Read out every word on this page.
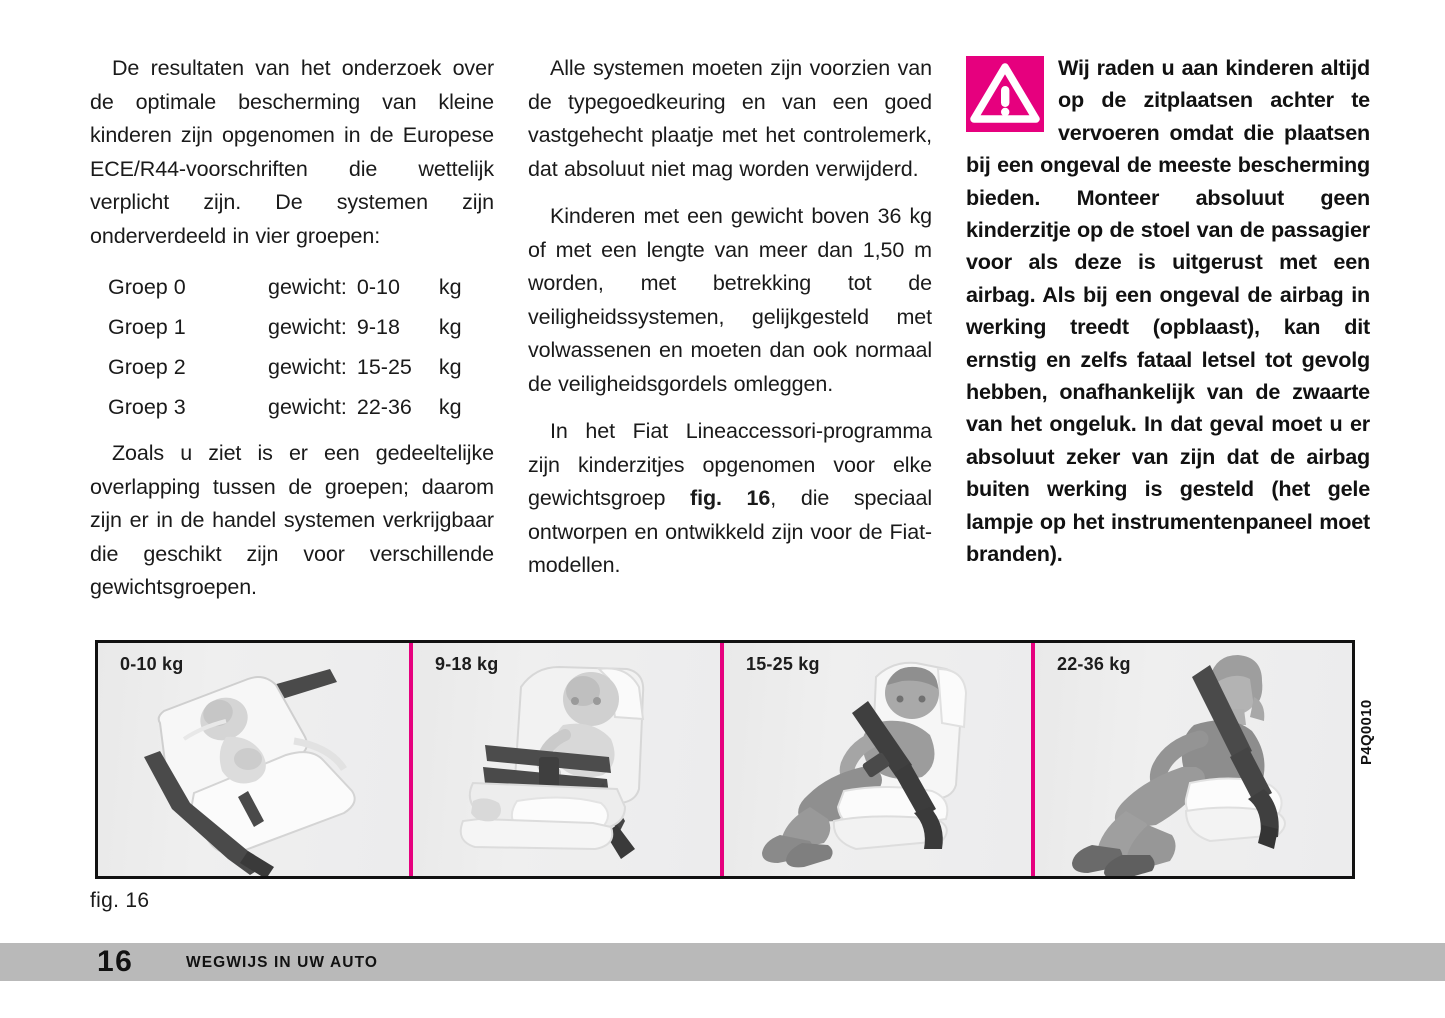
De resultaten van het onderzoek over de optimale bescherming van kleine kinderen zijn opgenomen in de Europese ECE/R44-voorschriften die wettelijk verplicht zijn. De systemen zijn onderverdeeld in vier groepen:

Groep 0	gewicht: 0-10	kg
Groep 1	gewicht: 9-18	kg
Groep 2	gewicht: 15-25	kg
Groep 3	gewicht: 22-36	kg

Zoals u ziet is er een gedeeltelijke overlapping tussen de groepen; daarom zijn er in de handel systemen verkrijgbaar die geschikt zijn voor verschillende gewichtsgroepen.

Alle systemen moeten zijn voorzien van de typegoedkeuring en van een goed vastgehecht plaatje met het controlemerk, dat absoluut niet mag worden verwijderd.

Kinderen met een gewicht boven 36 kg of met een lengte van meer dan 1,50 m worden, met betrekking tot de veiligheidssystemen, gelijkgesteld met volwassenen en moeten dan ook normaal de veiligheidsgordels omleggen.

In het Fiat Lineaccessori-programma zijn kinderzitjes opgenomen voor elke gewichtsgroep fig. 16, die speciaal ontworpen en ontwikkeld zijn voor de Fiat-modellen.

Wij raden u aan kinderen altijd op de zitplaatsen achter te vervoeren omdat die plaatsen bij een ongeval de meeste bescherming bieden. Monteer absoluut geen kinderzitje op de stoel van de passagier voor als deze is uitgerust met een airbag. Als bij een ongeval de airbag in werking treedt (opblaast), kan dit ernstig en zelfs fataal letsel tot gevolg hebben, onafhankelijk van de zwaarte van het ongeluk. In dat geval moet u er absoluut zeker van zijn dat de airbag buiten werking is gesteld (het gele lampje op het instrumentenpaneel moet branden).
0-10 kg	9-18 kg	15-25 kg	22-36 kg
P4Q0010
fig. 16
16	WEGWIJS IN UW AUTO
